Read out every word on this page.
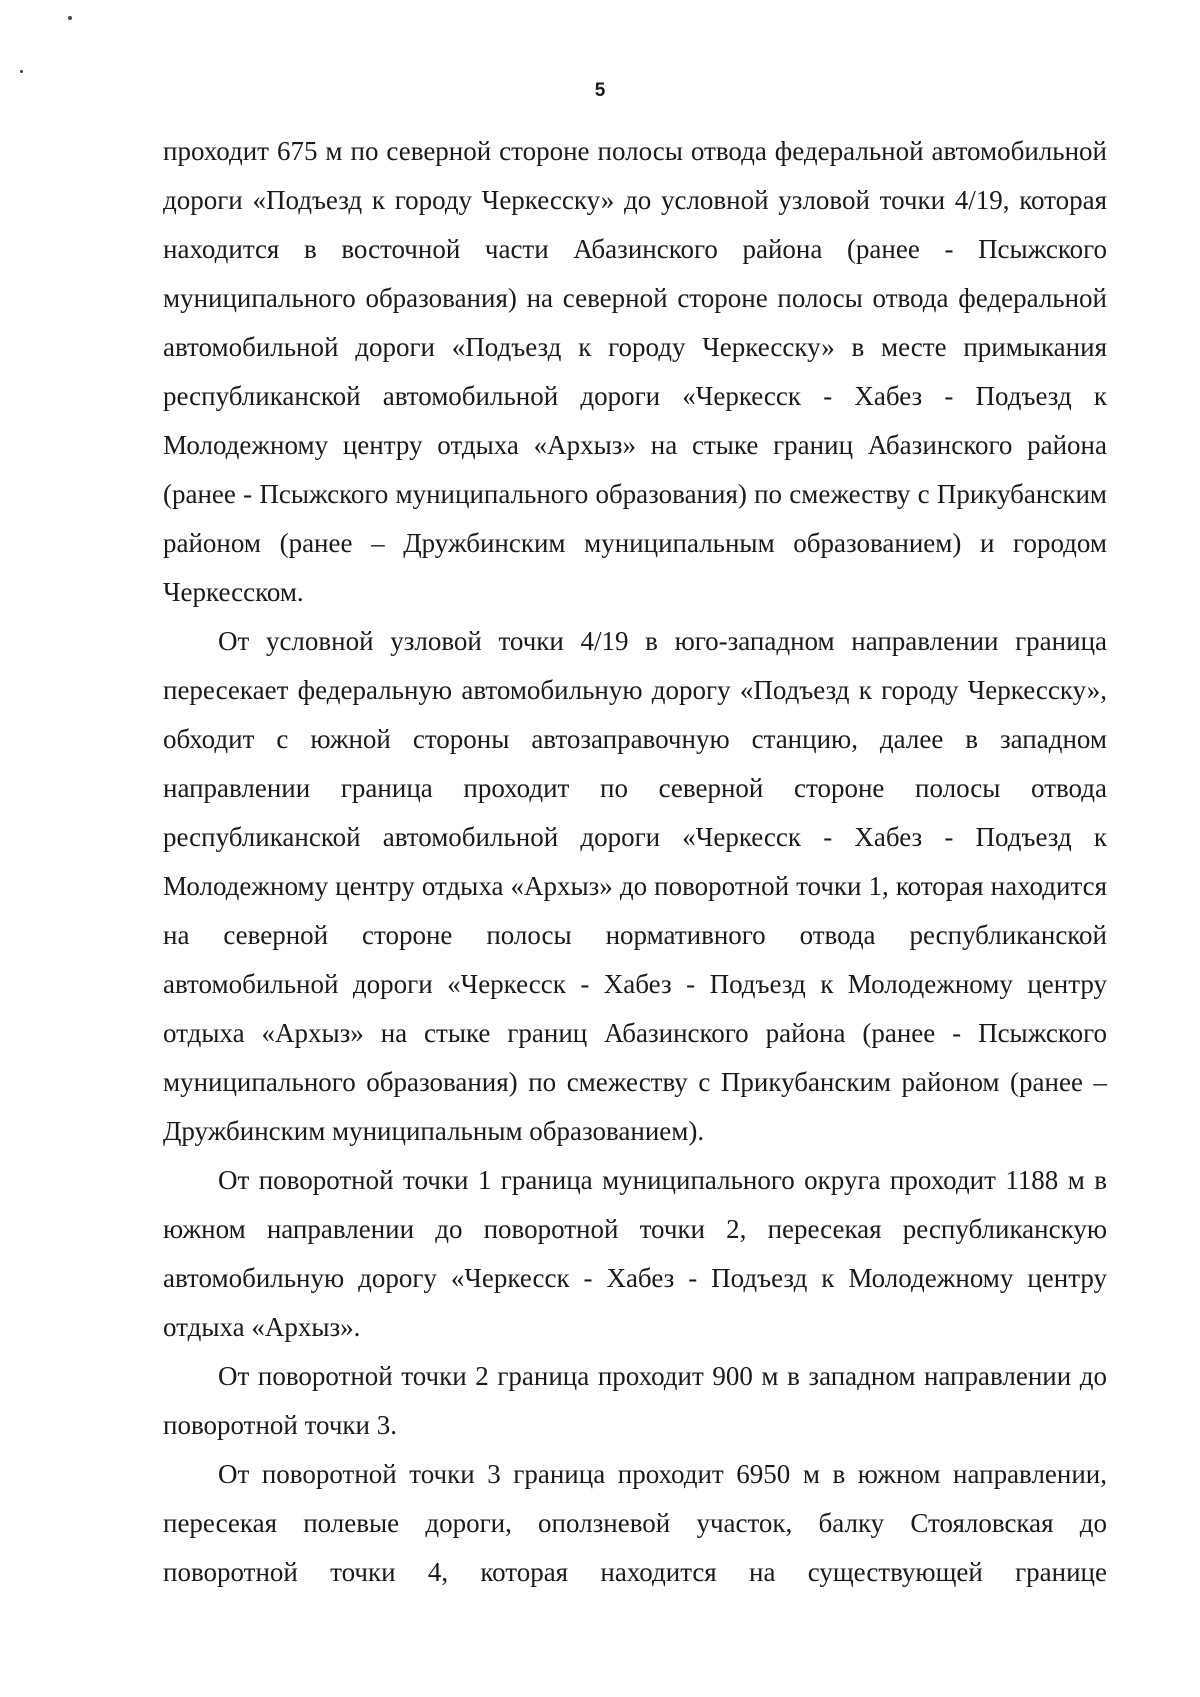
5

проходит 675 м по северной стороне полосы отвода федеральной автомобильной дороги «Подъезд к городу Черкесску» до условной узловой точки 4/19, которая находится в восточной части Абазинского района (ранее - Псыжского муниципального образования) на северной стороне полосы отвода федеральной автомобильной дороги «Подъезд к городу Черкесску» в месте примыкания республиканской автомобильной дороги «Черкесск - Хабез - Подъезд к Молодежному центру отдыха «Архыз» на стыке границ Абазинского района (ранее - Псыжского муниципального образования) по смежеству с Прикубанским районом (ранее – Дружбинским муниципальным образованием) и городом Черкесском.

От условной узловой точки 4/19 в юго-западном направлении граница пересекает федеральную автомобильную дорогу «Подъезд к городу Черкесску», обходит с южной стороны автозаправочную станцию, далее в западном направлении граница проходит по северной стороне полосы отвода республиканской автомобильной дороги «Черкесск - Хабез - Подъезд к Молодежному центру отдыха «Архыз» до поворотной точки 1, которая находится на северной стороне полосы нормативного отвода республиканской автомобильной дороги «Черкесск - Хабез - Подъезд к Молодежному центру отдыха «Архыз» на стыке границ Абазинского района (ранее - Псыжского муниципального образования) по смежеству с Прикубанским районом (ранее – Дружбинским муниципальным образованием).

От поворотной точки 1 граница муниципального округа проходит 1188 м в южном направлении до поворотной точки 2, пересекая республиканскую автомобильную дорогу «Черкесск - Хабез - Подъезд к Молодежному центру отдыха «Архыз».

От поворотной точки 2 граница проходит 900 м в западном направлении до поворотной точки 3.

От поворотной точки 3 граница проходит 6950 м в южном направлении, пересекая полевые дороги, оползневой участок, балку Стояловская до поворотной точки 4, которая находится на существующей границе
